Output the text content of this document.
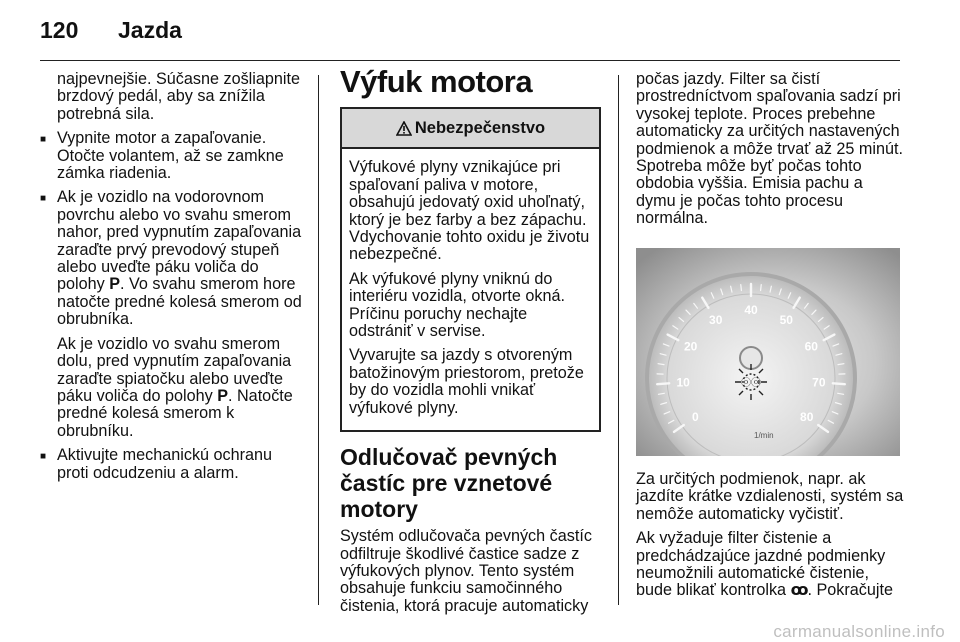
120 Jazda

najpevnejšie. Súčasne zošliapnite brzdový pedál, aby sa znížila potrebná sila.

■ Vypnite motor a zapaľovanie. Otočte volantem, až se zamkne zámka riadenia.
■ Ak je vozidlo na vodorovnom povrchu alebo vo svahu smerom nahor, pred vypnutím zapaľovania zaraďte prvý prevodový stupeň alebo uveďte páku voliča do polohy P. Vo svahu smerom hore natočte predné kolesá smerom od obrubníka.

Ak je vozidlo vo svahu smerom dolu, pred vypnutím zapaľovania zaraďte spiatočku alebo uveďte páku voliča do polohy P. Natočte predné kolesá smerom k obrubníku.

■ Aktivujte mechanickú ochranu proti odcudzeniu a alarm.
Výfuk motora
Nebezpečenstvo

Výfukové plyny vznikajúce pri spaľovaní paliva v motore, obsahujú jedovatý oxid uhoľnatý, ktorý je bez farby a bez zápachu. Vdychovanie tohto oxidu je životu nebezpečné.

Ak výfukové plyny vniknú do interiéru vozidla, otvorte okná. Príčinu poruchy nechajte odstrániť v servise.

Vyvarujte sa jazdy s otvoreným batožinovým priestorom, pretože by do vozidla mohli vnikať výfukové plyny.

Odlučovač pevných častíc pre vznetové motory

Systém odlučovača pevných častíc odfiltruje škodlivé častice sadze z výfukových plynov. Tento systém obsahuje funkciu samočinného čistenia, ktorá pracuje automaticky

počas jazdy. Filter sa čistí prostredníctvom spaľovania sadzí pri vysokej teplote. Proces prebehne automaticky za určitých nastavených podmienok a môže trvať až 25 minút. Spotreba môže byť počas tohto obdobia vyššia. Emisia pachu a dymu je počas tohto procesu normálna.

0
10
20
30
40
50
60
70
80
ⓞⓞ
1/min

Za určitých podmienok, napr. ak jazdíte krátke vzdialenosti, systém sa nemôže automaticky vyčistiť.

Ak vyžaduje filter čistenie a predchádzajúce jazdné podmienky neumožnili automatické čistenie, bude blikať kontrolka ꝏ. Pokračujte

carmanualsonline.info
